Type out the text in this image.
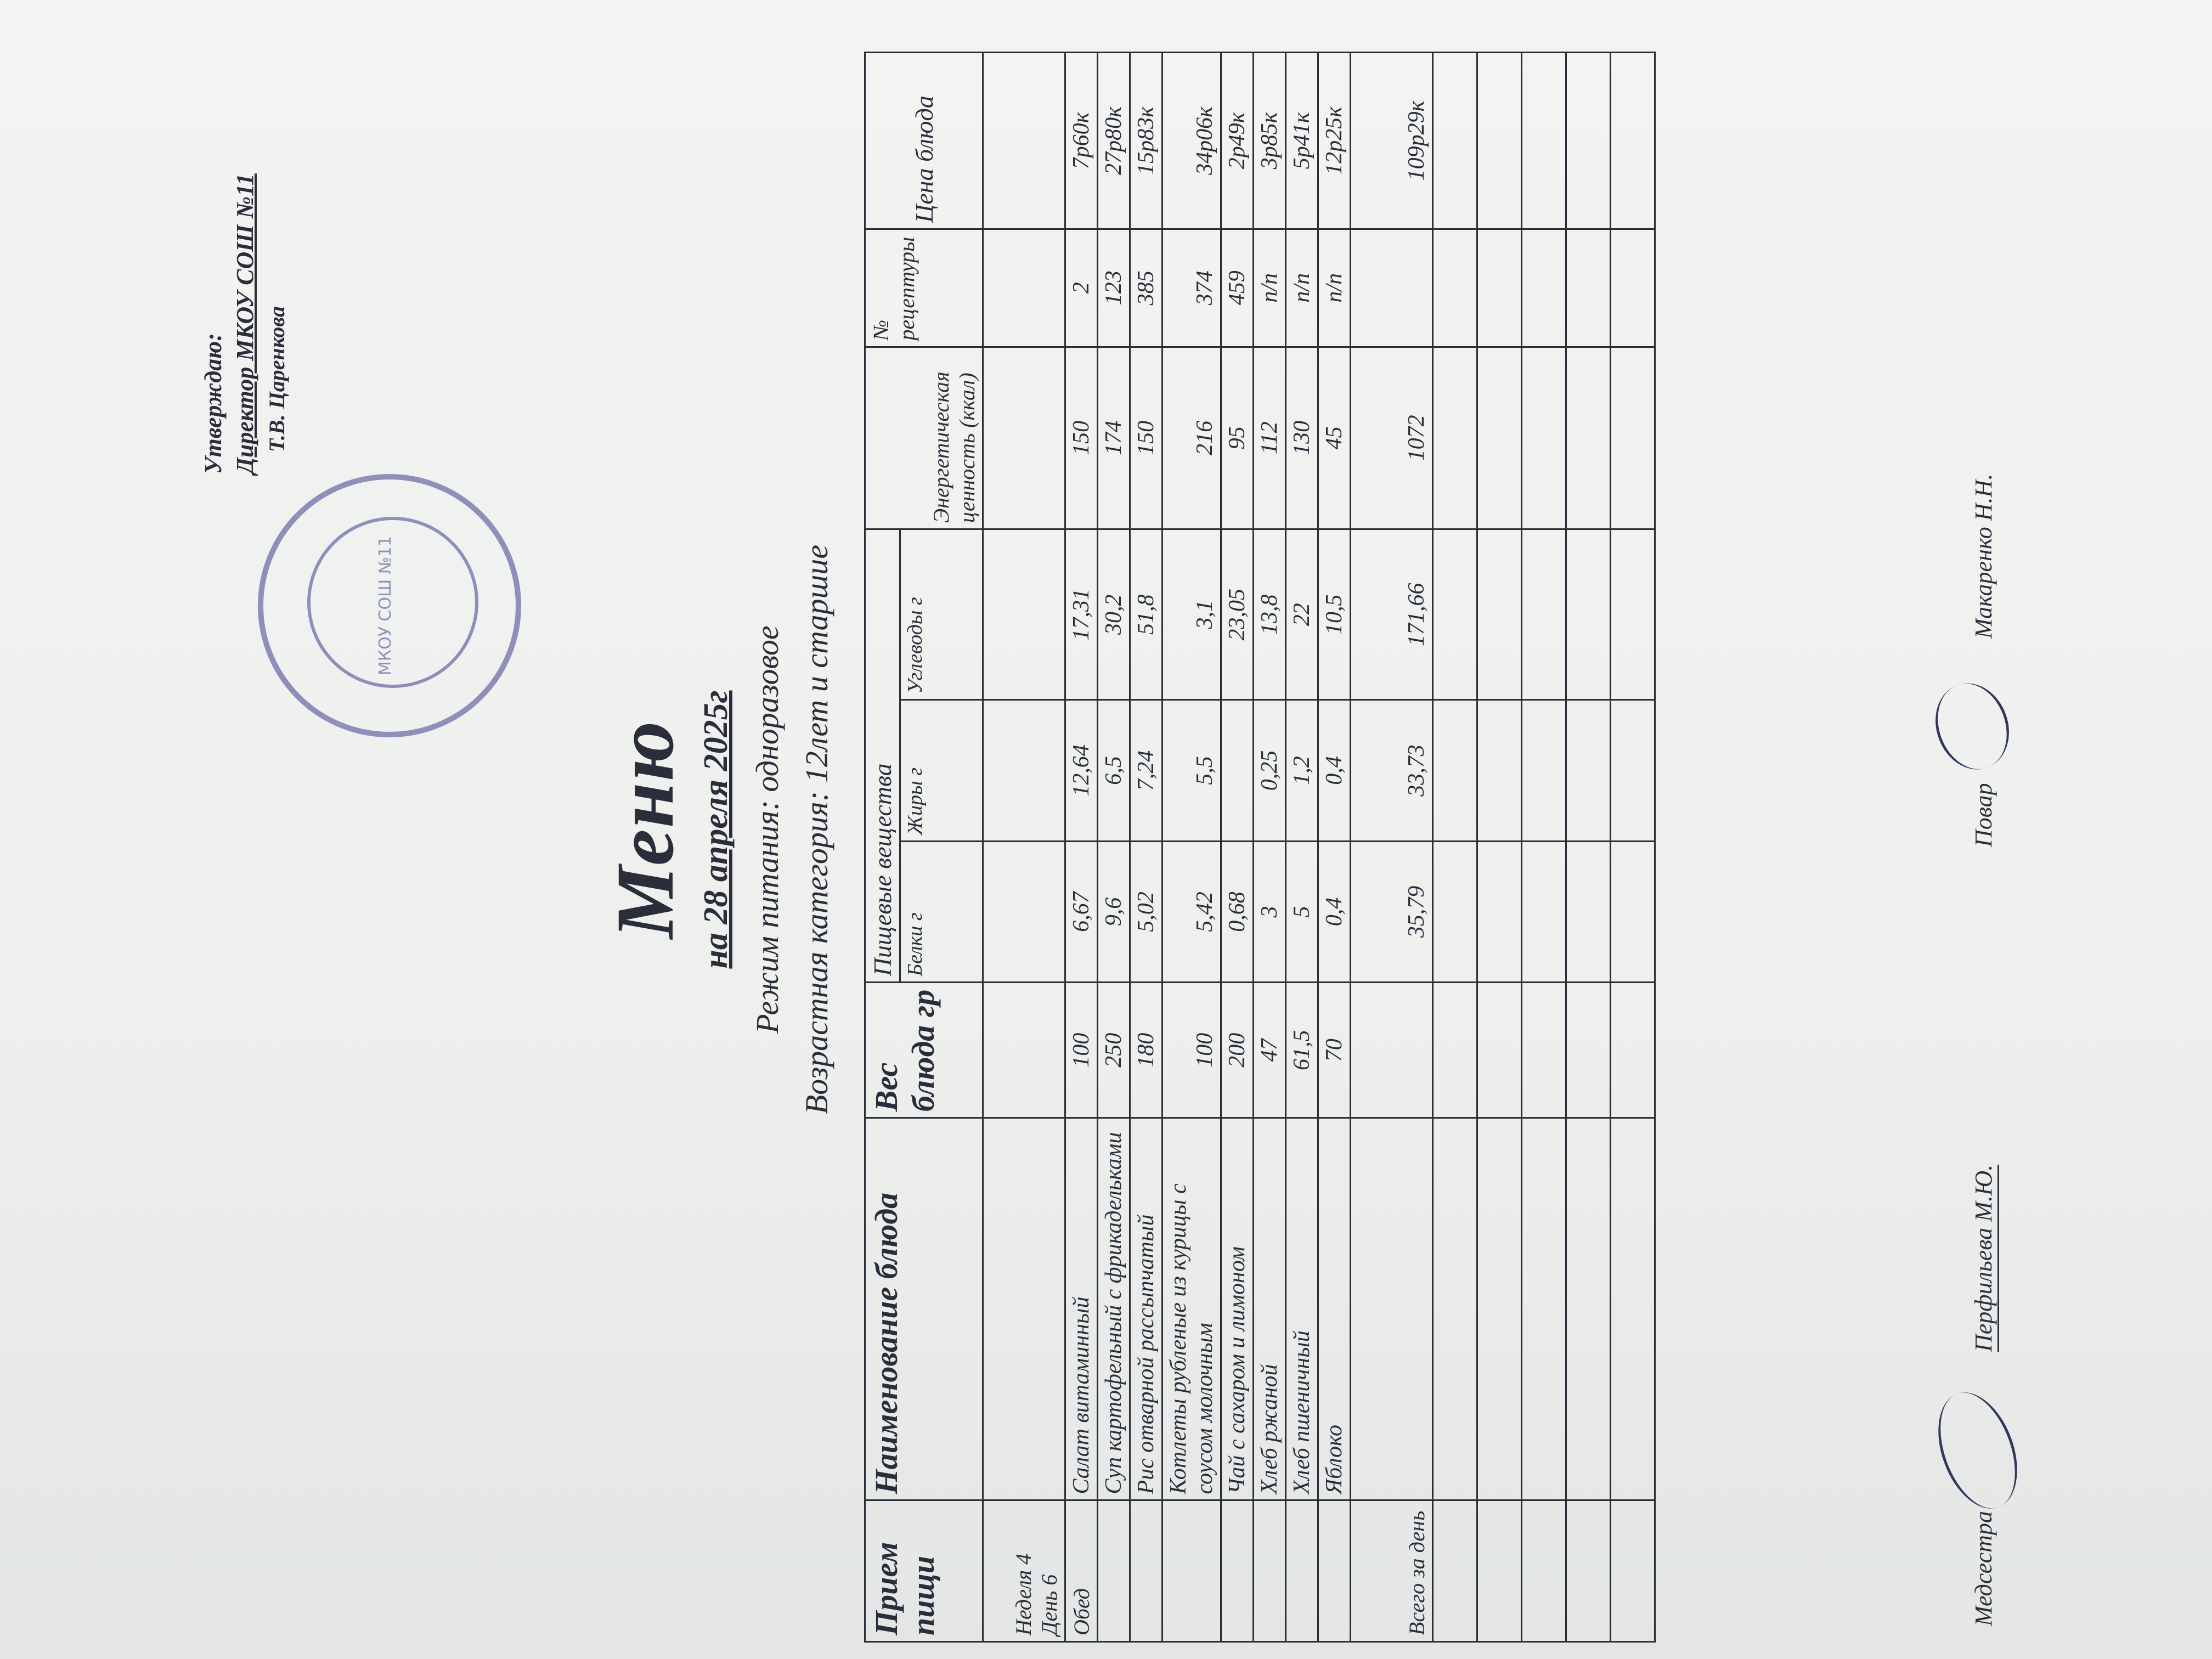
МКОУ СОШ №11
Утверждаю: Директор МКОУ СОШ №11 Т.В. Царенкова
Меню на 28 апреля 2025г Режим питания: одноразовое Возрастная категория: 12лет и старшие
Прием пищи	Наименование блюда	Вес блюда гр	Пищевые вещества			Энергетическая ценность (ккал)	№ рецептуры	Цена блюда
			Белки г	Жиры г	Углеводы г			
Неделя 4 День 6								
Обед	Салат витаминный	100	6,67	12,64	17,31	150	2	7р60к
	Суп картофельный с фрикадельками	250	9,6	6,5	30,2	174	123	27р80к
	Рис отварной рассыпчатый	180	5,02	7,24	51,8	150	385	15р83к
	Котлеты рубленые из курицы с соусом молочным	100	5,42	5,5	3,1	216	374	34р06к
	Чай с сахаром и лимоном	200	0,68		23,05	95	459	2р49к
	Хлеб ржаной	47	3	0,25	13,8	112	п/п	3р85к
	Хлеб пшеничный	61,5	5	1,2	22	130	п/п	5р41к
	Яблоко	70	0,4	0,4	10,5	45	п/п	12р25к
Всего за день			35,79	33,73	171,66	1072		109р29к

Медсестра
Перфильева М.Ю.
Повар
Макаренко Н.Н.
